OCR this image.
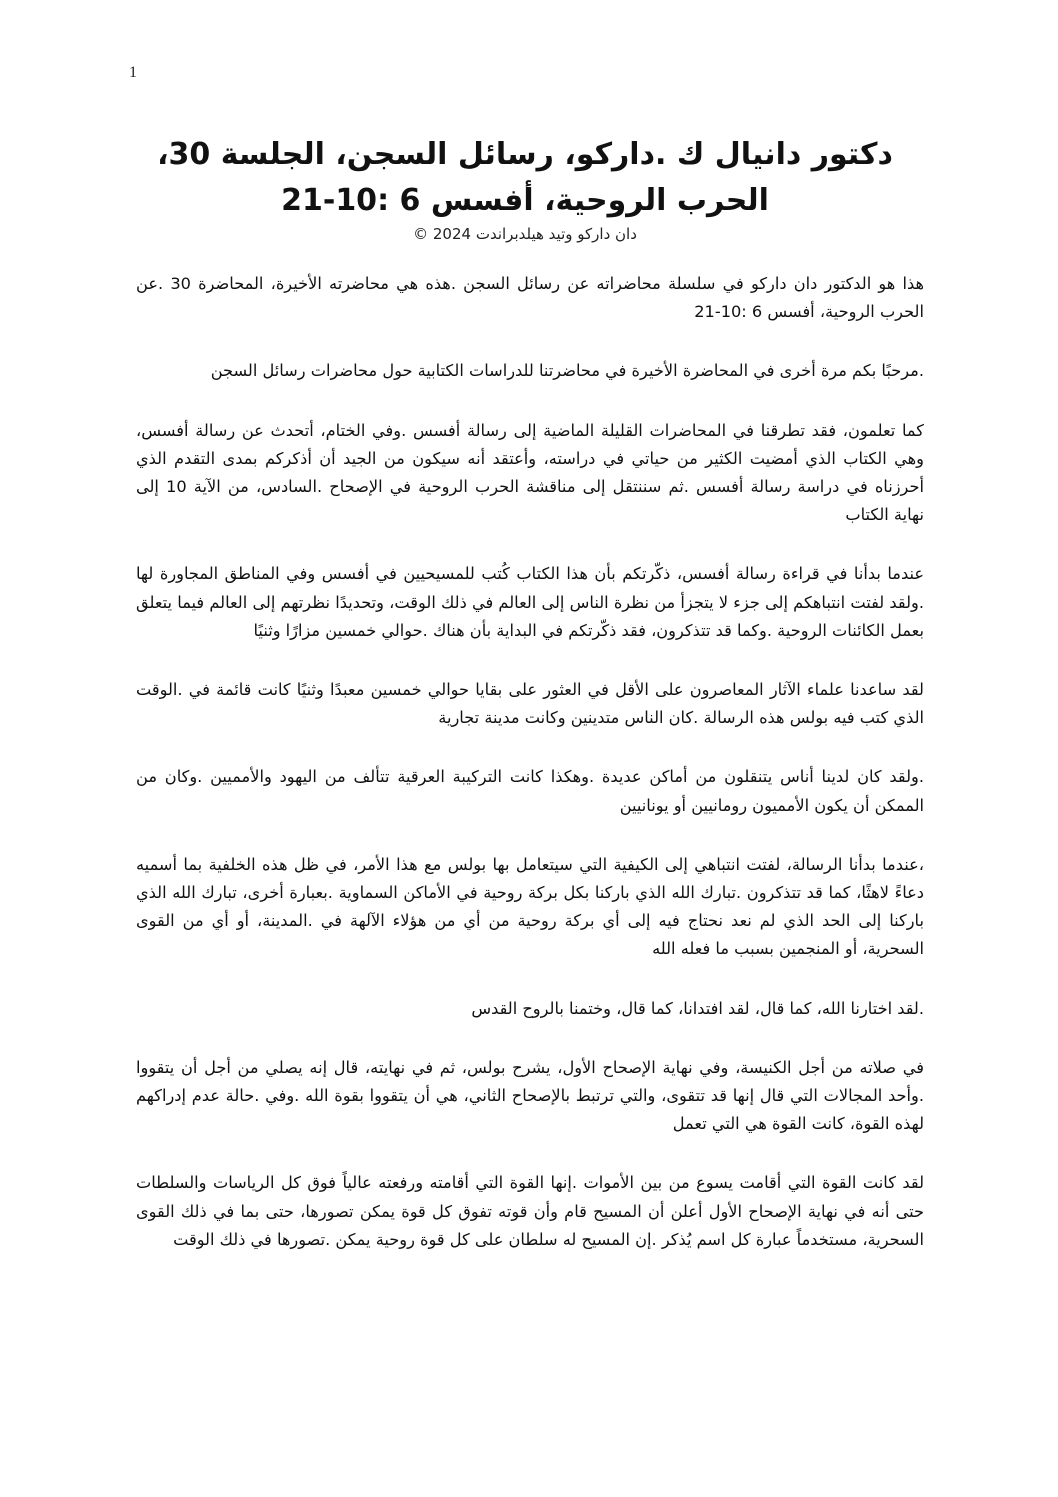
1
دكتور دانيال ك .داركو، رسائل السجن، الجلسة 30، الحرب الروحية، أفسس 6 :10-21
دان داركو وتيد هيلدبراندت 2024 ©

هذا هو الدكتور دان داركو في سلسلة محاضراته عن رسائل السجن .هذه هي محاضرته الأخيرة، المحاضرة 30 .عن الحرب الروحية، أفسس 6 :10-21

.مرحبًا بكم مرة أخرى في المحاضرة الأخيرة في محاضرتنا للدراسات الكتابية حول محاضرات رسائل السجن

كما تعلمون، فقد تطرقنا في المحاضرات القليلة الماضية إلى رسالة أفسس .وفي الختام، أتحدث عن رسالة أفسس، وهي الكتاب الذي أمضيت الكثير من حياتي في دراسته، وأعتقد أنه سيكون من الجيد أن أذكركم بمدى التقدم الذي أحرزناه في دراسة رسالة أفسس .ثم سننتقل إلى مناقشة الحرب الروحية في الإصحاح .السادس، من الآية 10 إلى نهاية الكتاب

عندما بدأنا في قراءة رسالة أفسس، ذكّرتكم بأن هذا الكتاب كُتب للمسيحيين في أفسس وفي المناطق المجاورة لها .ولقد لفتت انتباهكم إلى جزء لا يتجزأ من نظرة الناس إلى العالم في ذلك الوقت، وتحديدًا نظرتهم إلى العالم فيما يتعلق بعمل الكائنات الروحية .وكما قد تتذكرون، فقد ذكّرتكم في البداية بأن هناك .حوالي خمسين مزارًا وثنيًا

لقد ساعدنا علماء الآثار المعاصرون على الأقل في العثور على بقايا حوالي خمسين معبدًا وثنيًا كانت قائمة في .الوقت الذي كتب فيه بولس هذه الرسالة .كان الناس متدينين وكانت مدينة تجارية

.ولقد كان لدينا أناس يتنقلون من أماكن عديدة .وهكذا كانت التركيبة العرقية تتألف من اليهود والأمميين .وكان من الممكن أن يكون الأمميون رومانيين أو يونانيين

،عندما بدأنا الرسالة، لفتت انتباهي إلى الكيفية التي سيتعامل بها بولس مع هذا الأمر، في ظل هذه الخلفية بما أسميه دعاءً لاهثًا، كما قد تتذكرون .تبارك الله الذي باركنا بكل بركة روحية في الأماكن السماوية .بعبارة أخرى، تبارك الله الذي باركنا إلى الحد الذي لم نعد نحتاج فيه إلى أي بركة روحية من أي من هؤلاء الآلهة في .المدينة، أو أي من القوى السحرية، أو المنجمين بسبب ما فعله الله

.لقد اختارنا الله، كما قال، لقد افتدانا، كما قال، وختمنا بالروح القدس

في صلاته من أجل الكنيسة، وفي نهاية الإصحاح الأول، يشرح بولس، ثم في نهايته، قال إنه يصلي من أجل أن يتقووا .وأحد المجالات التي قال إنها قد تتقوى، والتي ترتبط بالإصحاح الثاني، هي أن يتقووا بقوة الله .وفي .حالة عدم إدراكهم لهذه القوة، كانت القوة هي التي تعمل

لقد كانت القوة التي أقامت يسوع من بين الأموات .إنها القوة التي أقامته ورفعته عالياً فوق كل الرياسات والسلطات حتى أنه في نهاية الإصحاح الأول أعلن أن المسيح قام وأن قوته تفوق كل قوة يمكن تصورها، حتى بما في ذلك القوى السحرية، مستخدماً عبارة كل اسم يُذكر .إن المسيح له سلطان على كل قوة روحية يمكن .تصورها في ذلك الوقت
